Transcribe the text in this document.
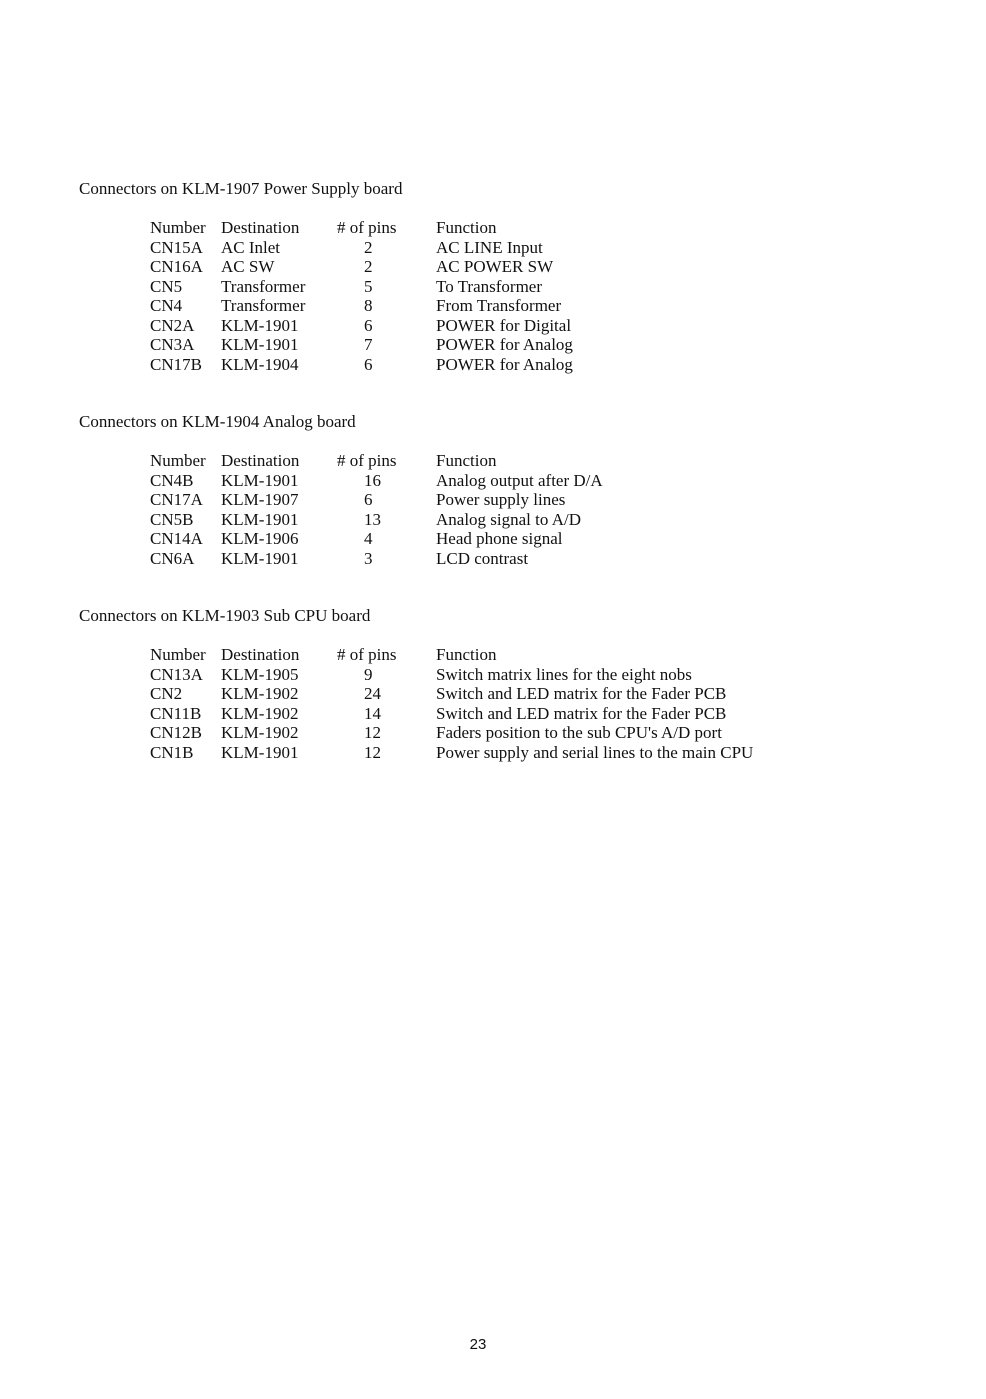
Connectors on KLM-1907 Power Supply board
Number Destination # of pins Function
CN15A AC Inlet	2	AC LINE Input
CN16A AC SW	2	AC POWER SW
CN5 Transformer	5	To Transformer
CN4 Transformer	8	From Transformer
CN2A KLM-1901	6	POWER for Digital
CN3A KLM-1901	7	POWER for Analog
CN17B KLM-1904	6	POWER for Analog
Connectors on KLM-1904 Analog board
Number Destination # of pins Function
CN4B KLM-1901	16	Analog output after D/A
CN17A KLM-1907	6	Power supply lines
CN5B KLM-1901	13	Analog signal to A/D
CN14A KLM-1906	4	Head phone signal
CN6A KLM-1901	3	LCD contrast
Connectors on KLM-1903 Sub CPU board
Number Destination # of pins Function
CN13A KLM-1905	9	Switch matrix lines for the eight nobs
CN2 KLM-1902	24	Switch and LED matrix for the Fader PCB
CN11B KLM-1902	14	Switch and LED matrix for the Fader PCB
CN12B KLM-1902	12	Faders position to the sub CPU's A/D port
CN1B KLM-1901	12	Power supply and serial lines to the main CPU
23
